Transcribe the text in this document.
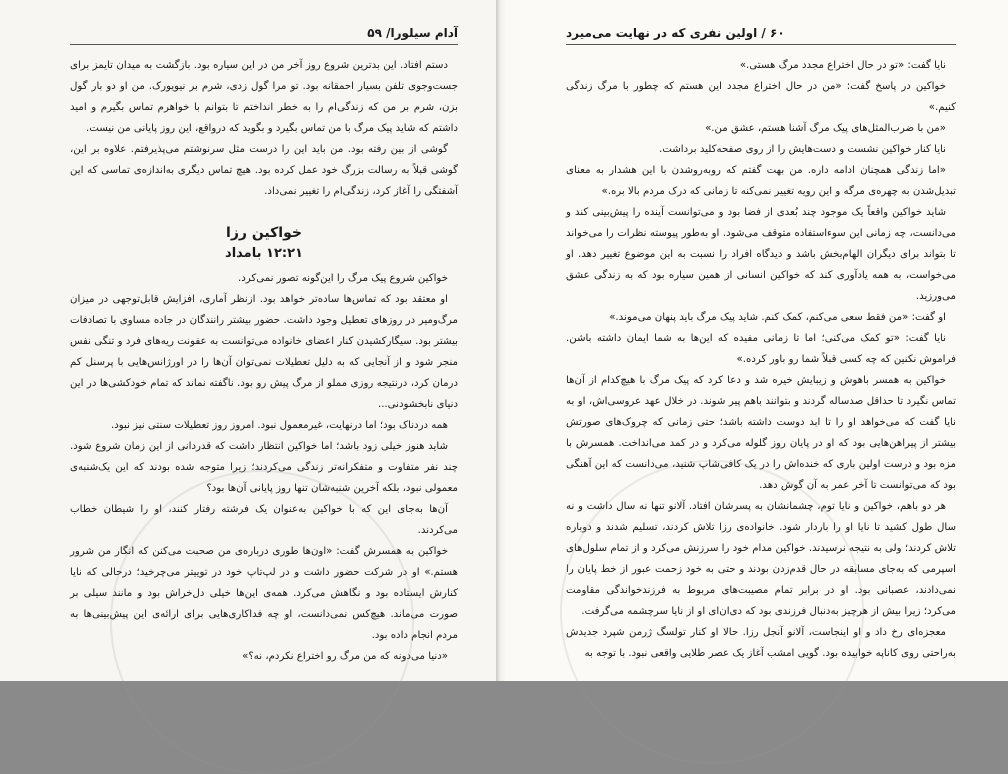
آدام سیلورا/ ۵۹

دستم افتاد. این بدترین شروع روز آخر من در این سیاره بود. بازگشت به میدان تایمز برای جست‌وجوی تلفن بسیار احمقانه بود. تو مرا گول زدی، شرم بر نیویورک. من او دو بار گول بزن، شرم بر من که زندگی‌ام را به خطر انداختم تا بتوانم با خواهرم تماس بگیرم و امید داشتم که شاید پیک مرگ با من تماس بگیرد و بگوید که درواقع، این روز پایانی من نیست.

گوشی از بین رفته بود. من باید این را درست مثل سرنوشتم می‌پذیرفتم. علاوه بر این، گوشی قبلاً به رسالت بزرگ خود عمل کرده بود. هیچ تماس دیگری به‌اندازه‌ی تماسی که این آشفتگی را آغاز کرد، زندگی‌ام را تغییر نمی‌داد.

خواکین رزا
۱۲:۲۱ بامداد

خواکین شروع پیک مرگ را این‌گونه تصور نمی‌کرد.

او معتقد بود که تماس‌ها ساده‌تر خواهد بود. ازنظر آماری، افزایش قابل‌توجهی در میزان مرگ‌ومیر در روزهای تعطیل وجود داشت. حضور بیشتر رانندگان در جاده مساوی با تصادفات بیشتر بود. سیگارکشیدن کنار اعضای خانواده می‌توانست به عفونت ریه‌های فرد و تنگی نفس منجر شود و از آنجایی که به دلیل تعطیلات نمی‌توان آن‌ها را در اورژانس‌هایی با پرسنل کم درمان کرد، درنتیجه روزی مملو از مرگ پیش رو بود. ناگفته نماند که تمام خودکشی‌ها در این دنیای نابخشودنی...

همه دردناک بود؛ اما درنهایت، غیرمعمول نبود. امروز روز تعطیلات سنتی نیز نبود.

شاید هنوز خیلی زود باشد؛ اما خواکین انتظار داشت که قدردانی از این زمان شروع شود. چند نفر متفاوت و متفکرانه‌تر زندگی می‌کردند؛ زیرا متوجه شده بودند که این یک‌شنبه‌ی معمولی نبود، بلکه آخرین شنبه‌شان تنها روز پایانی آن‌ها بود؟

آن‌ها به‌جای این که با خواکین به‌عنوان یک فرشته رفتار کنند، او را شیطان خطاب می‌کردند.

خواکین به همسرش گفت: «اون‌ها طوری درباره‌ی من صحبت می‌کنن که انگار من شرور هستم.» او در شرکت حضور داشت و در لپ‌تاپ خود در توییتر می‌چرخید؛ درحالی که نایا کنارش ایستاده بود و نگاهش می‌کرد. همه‌ی این‌ها خیلی دل‌خراش بود و مانند سیلی بر صورت می‌ماند. هیچ‌کس نمی‌دانست، او چه فداکاری‌هایی برای ارائه‌ی این پیش‌بینی‌ها به مردم انجام داده بود.

«دنیا می‌دونه که من مرگ رو اختراع نکردم، نه؟»

۶۰ / اولین نفری که در نهایت می‌میرد

نایا گفت: «تو در حال اختراع مجدد مرگ هستی.»

خواکین در پاسخ گفت: «من در حال اختراع مجدد این هستم که چطور با مرگ زندگی کنیم.»

«من با ضرب‌المثل‌های پیک مرگ آشنا هستم، عشق من.»

نایا کنار خواکین نشست و دست‌هایش را از روی صفحه‌کلید برداشت.

«اما زندگی همچنان ادامه داره. من بهت گفتم که روبه‌روشدن با این هشدار به معنای تبدیل‌شدن به چهره‌ی مرگه و این رویه تغییر نمی‌کنه تا زمانی که درک مردم بالا بره.»

شاید خواکین واقعاً یک موجود چند بُعدی از فضا بود و می‌توانست آینده را پیش‌بینی کند و می‌دانست، چه زمانی این سوءاستفاده متوقف می‌شود. او به‌طور پیوسته نظرات را می‌خواند تا بتواند برای دیگران الهام‌بخش باشد و دیدگاه افراد را نسبت به این موضوع تغییر دهد. او می‌خواست، به همه یادآوری کند که خواکین انسانی از همین سیاره بود که به زندگی عشق می‌ورزید.

او گفت: «من فقط سعی می‌کنم، کمک کنم. شاید پیک مرگ باید پنهان می‌موند.»

نایا گفت: «تو کمک می‌کنی؛ اما تا زمانی مفیده که این‌ها به شما ایمان داشته باشن. فراموش نکنین که چه کسی قبلاً شما رو باور کرده.»

خواکین به همسر باهوش و زیبایش خیره شد و دعا کرد که پیک مرگ با هیچ‌کدام از آن‌ها تماس نگیرد تا حداقل صدساله گردند و بتوانند باهم پیر شوند. در خلال عهد عروسی‌اش، او به نایا گفت که می‌خواهد او را تا ابد دوست داشته باشد؛ حتی زمانی که چروک‌های صورتش بیشتر از پیراهن‌هایی بود که او در پایان روز گلوله می‌کرد و در کمد می‌انداخت. همسرش با مزه بود و درست اولین باری که خنده‌اش را در یک کافی‌شاپ شنید، می‌دانست که این آهنگی بود که می‌توانست تا آخر عمر به آن گوش دهد.

هر دو باهم، خواکین و نایا توم، چشمانشان به پسرشان افتاد. آلانو تنها نه سال داشت و نه سال طول کشید تا نایا او را باردار شود. خانواده‌ی رزا تلاش کردند، تسلیم شدند و دوباره تلاش کردند؛ ولی به نتیجه نرسیدند. خواکین مدام خود را سرزنش می‌کرد و از تمام سلول‌های اسپرمی که به‌جای مسابقه در حال قدم‌زدن بودند و حتی به خود زحمت عبور از خط پایان را نمی‌دادند، عصبانی بود. او در برابر تمام مصیبت‌های مربوط به فرزندخواندگی مقاومت می‌کرد؛ زیرا بیش از هرچیز به‌دنبال فرزندی بود که دی‌ان‌ای او از نایا سرچشمه می‌گرفت.

معجزه‌ای رخ داد و او اینجاست، آلانو آنجل رزا. حالا او کنار تولسگ ژرمن شپرد جدیدش به‌راحتی روی کاناپه خوابیده بود. گویی امشب آغاز یک عصر طلایی واقعی نبود. با توجه به
